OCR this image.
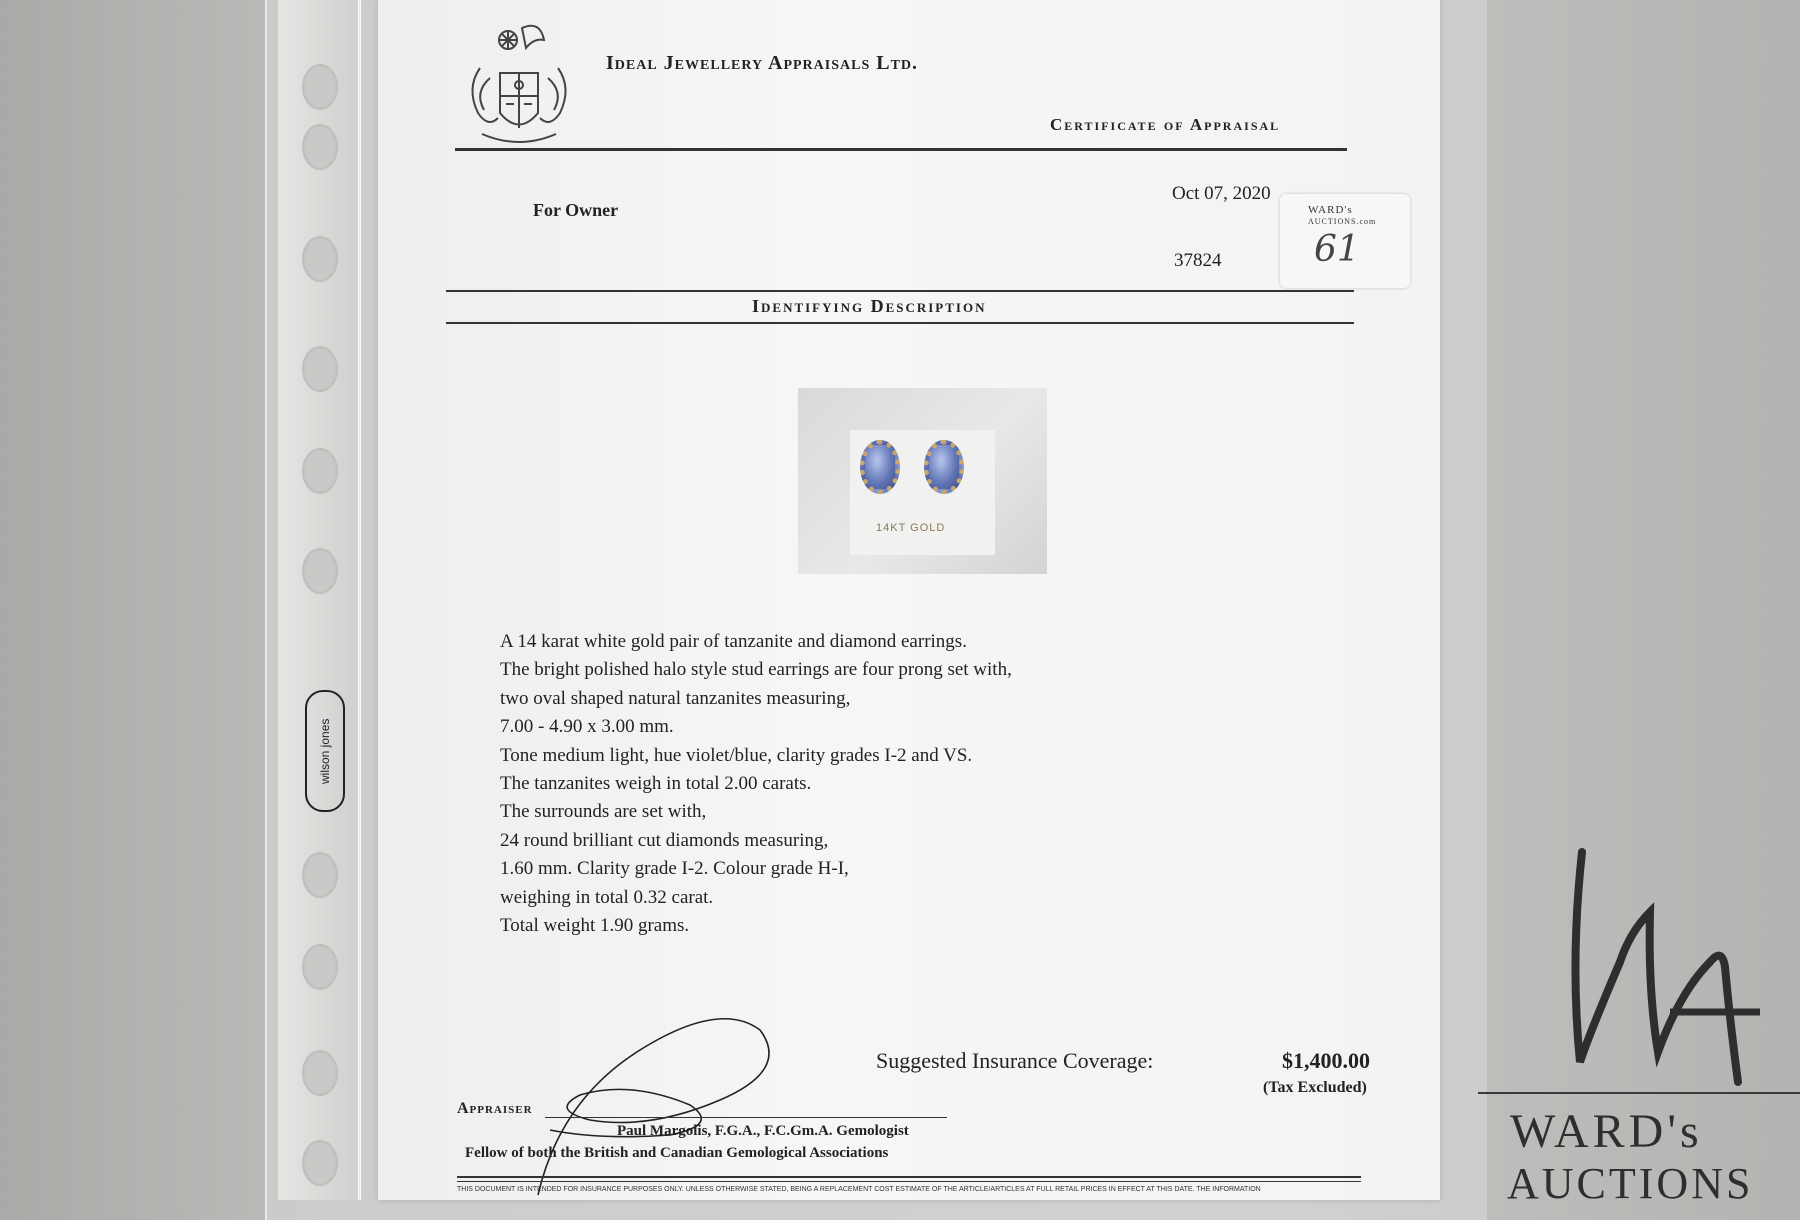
wilson jones
Ideal Jewellery Appraisals Ltd.
Certificate of Appraisal
For Owner
Oct 07, 2020
37824
WARD's
AUCTIONS.com
61
Identifying Description
14KT GOLD
A 14 karat white gold pair of tanzanite and diamond earrings.
The bright polished halo style stud earrings are four prong set with,
two oval shaped natural tanzanites measuring,
7.00 - 4.90 x 3.00 mm.
Tone medium light, hue violet/blue, clarity grades I-2 and VS.
The tanzanites weigh in total 2.00 carats.
The surrounds are set with,
24 round brilliant cut diamonds measuring,
1.60 mm. Clarity grade I-2. Colour grade H-I,
weighing in total 0.32 carat.
Total weight 1.90 grams.
Suggested Insurance Coverage:	$1,400.00
(Tax Excluded)
Appraiser
Paul Margolis, F.G.A., F.C.Gm.A. Gemologist
Fellow of both the British and Canadian Gemological Associations
THIS DOCUMENT IS INTENDED FOR INSURANCE PURPOSES ONLY. UNLESS OTHERWISE STATED, BEING A REPLACEMENT COST ESTIMATE OF THE ARTICLE/ARTICLES AT FULL RETAIL PRICES IN EFFECT AT THIS DATE. THE INFORMATION
WARD's
AUCTIONS
